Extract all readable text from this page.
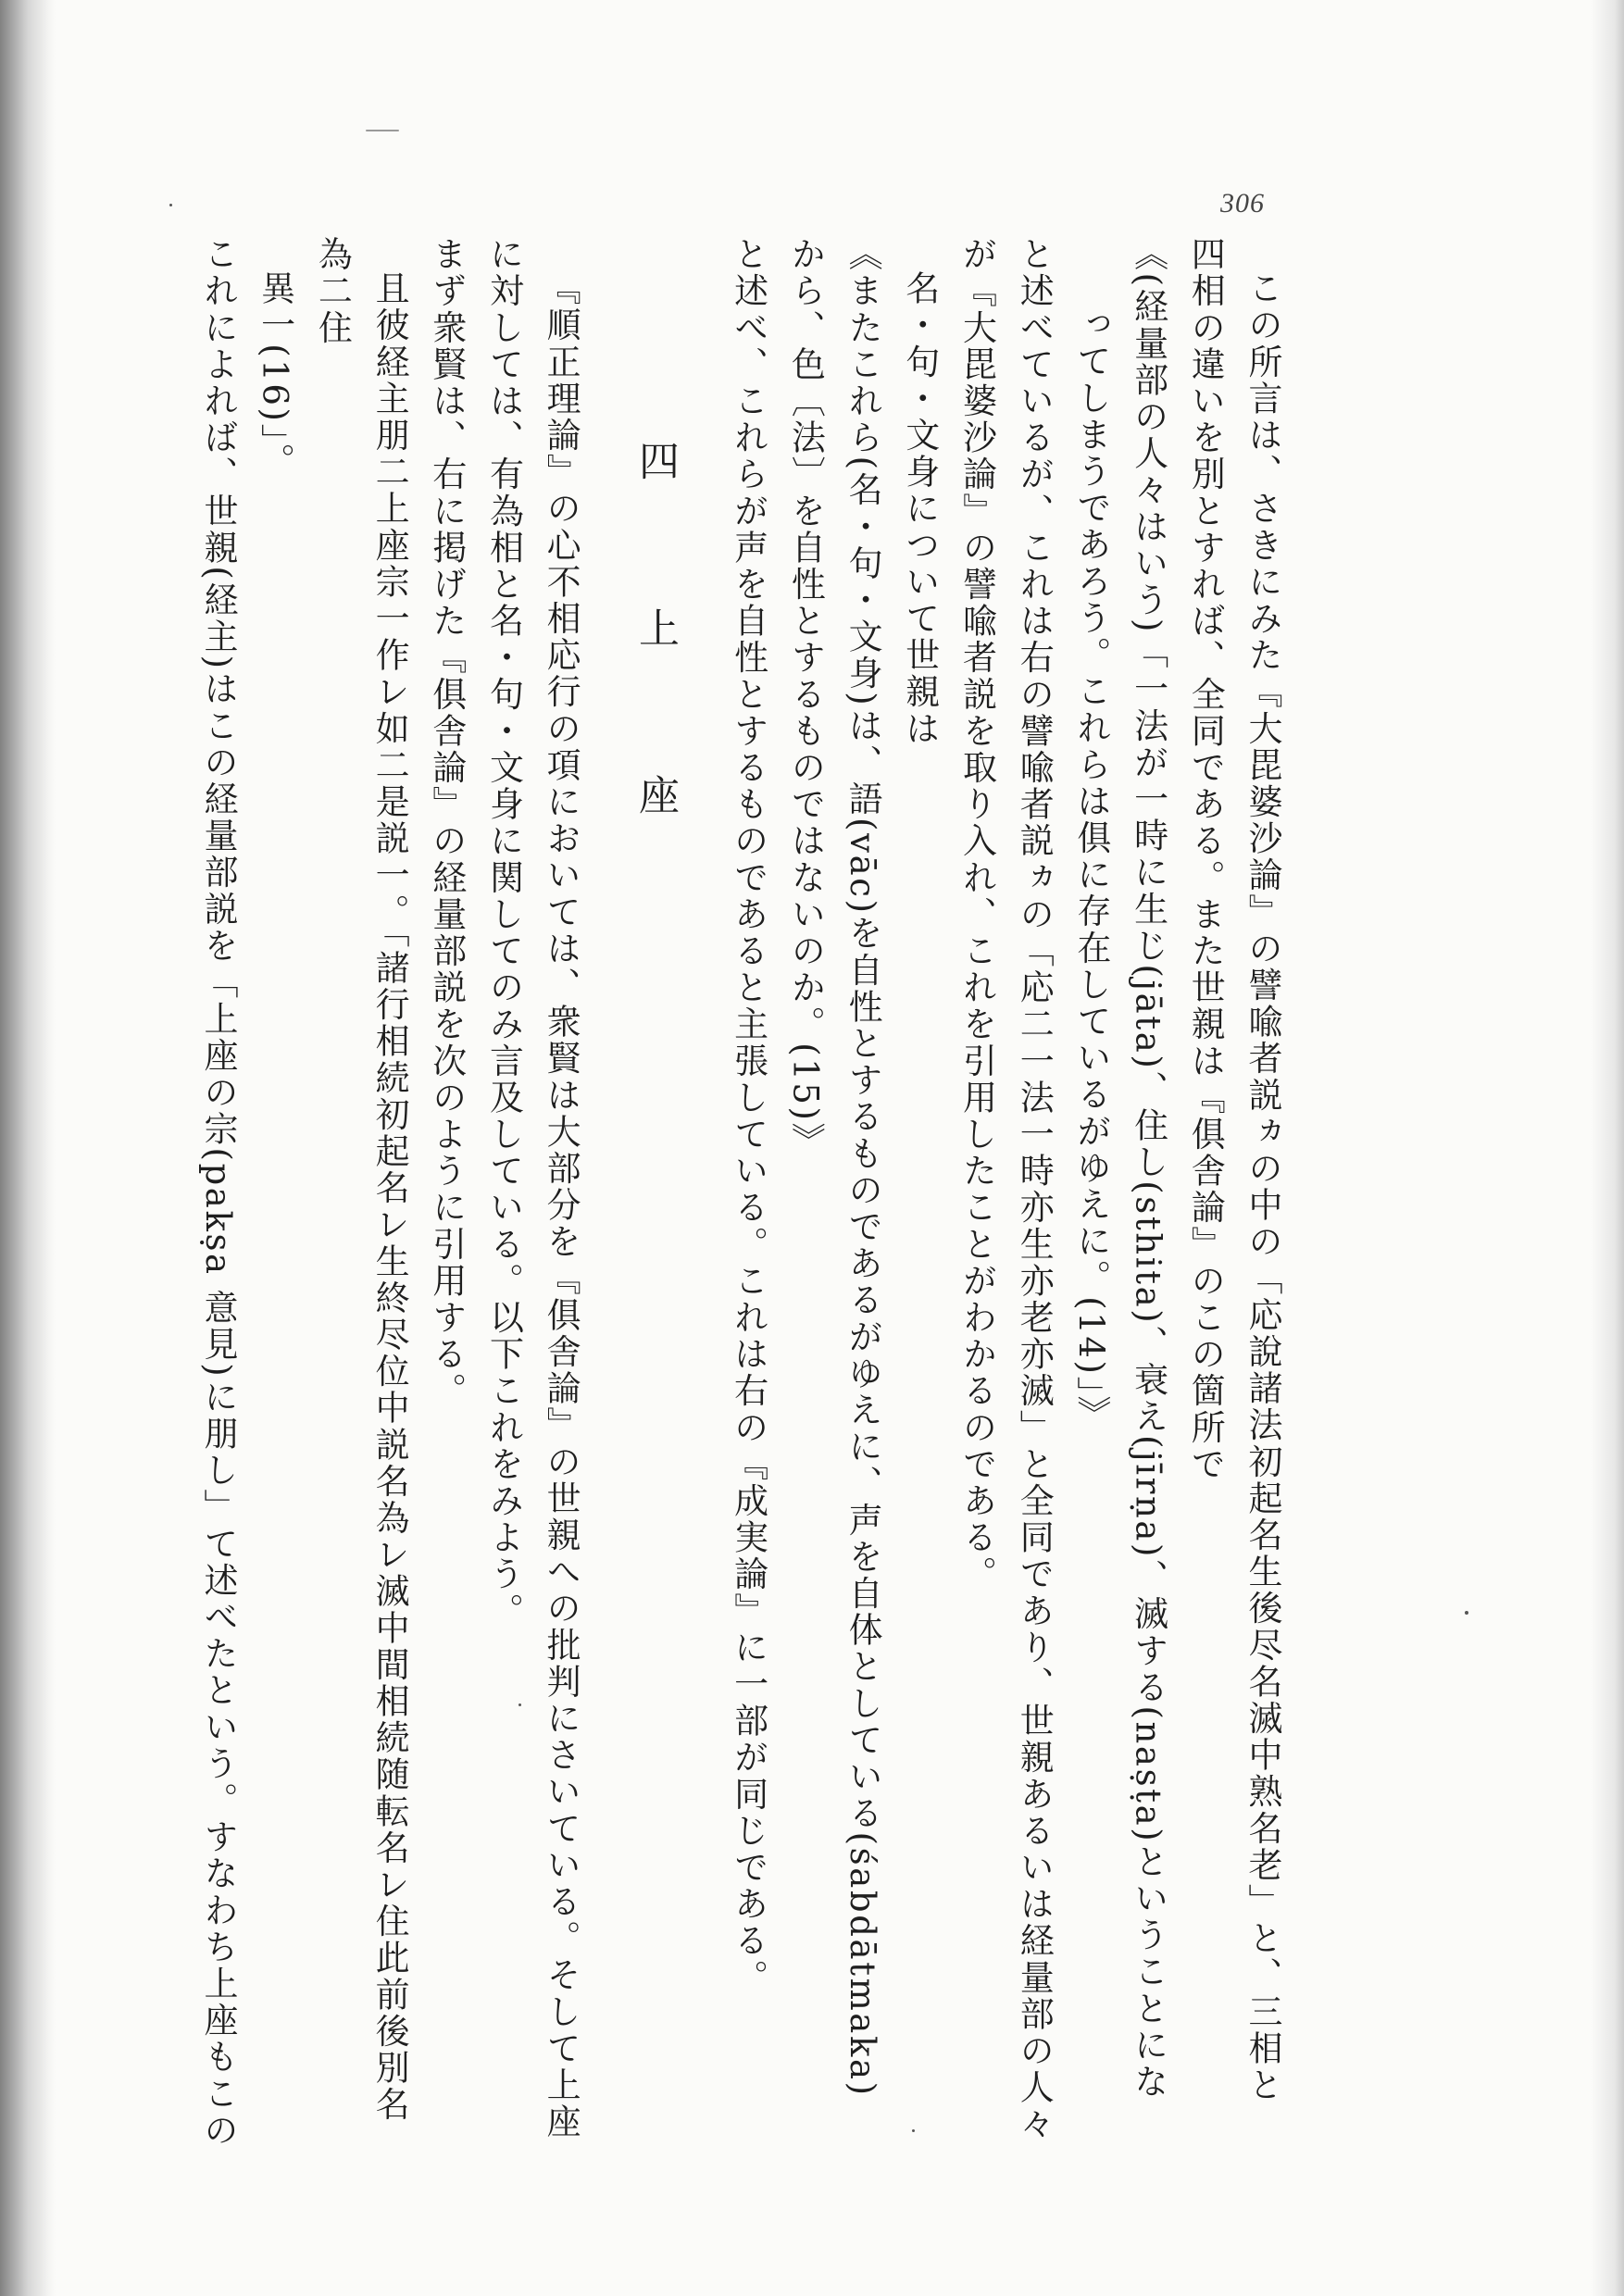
306

この所言は、さきにみた『大毘婆沙論』の譬喩者説ヵの中の「応說諸法初起名生後尽名滅中熟名老」と、三相と

四相の違いを別とすれば、全同である。また世親は『俱舎論』のこの箇所で

《(経量部の人々はいう)「一法が一時に生じ(jāta)、住し(sthita)、衰え(jīrṇa)、滅する(naṣṭa)ということにな

ってしまうであろう。これらは俱に存在しているがゆえに。(14)」》

と述べているが、これは右の譬喩者説ヵの「応二一法一時亦生亦老亦滅」と全同であり、世親あるいは経量部の人々

が『大毘婆沙論』の譬喩者説を取り入れ、これを引用したことがわかるのである。

名・句・文身について世親は

《またこれら(名・句・文身)は、語(vāc)を自性とするものであるがゆえに、声を自体としている(śabdātmaka)

から、色〔法〕を自性とするものではないのか。(15)》

と述べ、これらが声を自性とするものであると主張している。これは右の『成実論』に一部が同じである。

四　上　座

『順正理論』の心不相応行の項においては、衆賢は大部分を『俱舎論』の世親への批判にさいている。そして上座

に対しては、有為相と名・句・文身に関してのみ言及している。以下これをみよう。

まず衆賢は、右に掲げた『俱舎論』の経量部説を次のように引用する。

且彼経主朋二上座宗一作レ如二是説一。「諸行相続初起名レ生終尽位中説名為レ滅中間相続随転名レ住此前後別名為二住

異一(16)」。

これによれば、世親(経主)はこの経量部説を「上座の宗(pakṣa 意見)に朋し」て述べたという。すなわち上座もこの
